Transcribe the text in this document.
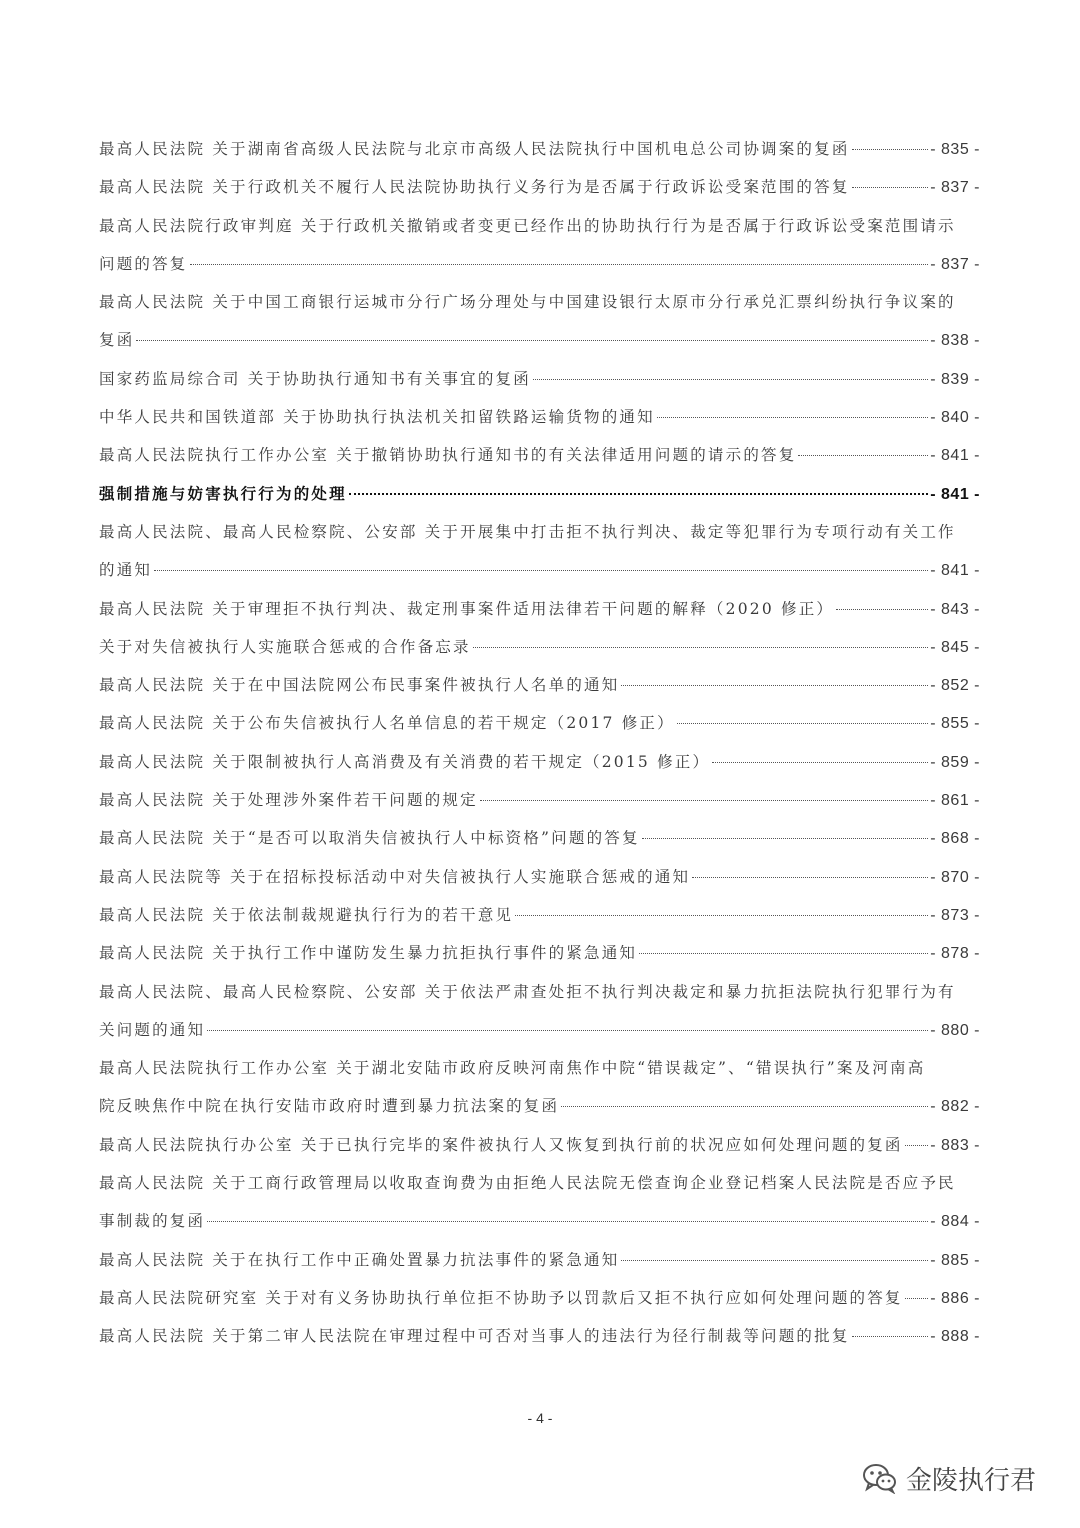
最高人民法院 关于湖南省高级人民法院与北京市高级人民法院执行中国机电总公司协调案的复函	- 835 -
最高人民法院 关于行政机关不履行人民法院协助执行义务行为是否属于行政诉讼受案范围的答复	- 837 -
最高人民法院行政审判庭 关于行政机关撤销或者变更已经作出的协助执行行为是否属于行政诉讼受案范围请示
问题的答复	- 837 -
最高人民法院 关于中国工商银行运城市分行广场分理处与中国建设银行太原市分行承兑汇票纠纷执行争议案的
复函	- 838 -
国家药监局综合司 关于协助执行通知书有关事宜的复函	- 839 -
中华人民共和国铁道部 关于协助执行执法机关扣留铁路运输货物的通知	- 840 -
最高人民法院执行工作办公室 关于撤销协助执行通知书的有关法律适用问题的请示的答复	- 841 -
强制措施与妨害执行行为的处理	- 841 -
最高人民法院、最高人民检察院、公安部 关于开展集中打击拒不执行判决、裁定等犯罪行为专项行动有关工作
的通知	- 841 -
最高人民法院 关于审理拒不执行判决、裁定刑事案件适用法律若干问题的解释（2020 修正）	- 843 -
关于对失信被执行人实施联合惩戒的合作备忘录	- 845 -
最高人民法院 关于在中国法院网公布民事案件被执行人名单的通知	- 852 -
最高人民法院 关于公布失信被执行人名单信息的若干规定（2017 修正）	- 855 -
最高人民法院 关于限制被执行人高消费及有关消费的若干规定（2015 修正）	- 859 -
最高人民法院 关于处理涉外案件若干问题的规定	- 861 -
最高人民法院 关于“是否可以取消失信被执行人中标资格”问题的答复	- 868 -
最高人民法院等 关于在招标投标活动中对失信被执行人实施联合惩戒的通知	- 870 -
最高人民法院 关于依法制裁规避执行行为的若干意见	- 873 -
最高人民法院 关于执行工作中谨防发生暴力抗拒执行事件的紧急通知	- 878 -
最高人民法院、最高人民检察院、公安部 关于依法严肃查处拒不执行判决裁定和暴力抗拒法院执行犯罪行为有
关问题的通知	- 880 -
最高人民法院执行工作办公室 关于湖北安陆市政府反映河南焦作中院“错误裁定”、“错误执行”案及河南高
院反映焦作中院在执行安陆市政府时遭到暴力抗法案的复函	- 882 -
最高人民法院执行办公室 关于已执行完毕的案件被执行人又恢复到执行前的状况应如何处理问题的复函 - 883 -
最高人民法院 关于工商行政管理局以收取查询费为由拒绝人民法院无偿查询企业登记档案人民法院是否应予民
事制裁的复函	- 884 -
最高人民法院 关于在执行工作中正确处置暴力抗法事件的紧急通知	- 885 -
最高人民法院研究室 关于对有义务协助执行单位拒不协助予以罚款后又拒不执行应如何处理问题的答复 - 886 -
最高人民法院 关于第二审人民法院在审理过程中可否对当事人的违法行为径行制裁等问题的批复	- 888 -
- 4 -
金陵执行君
